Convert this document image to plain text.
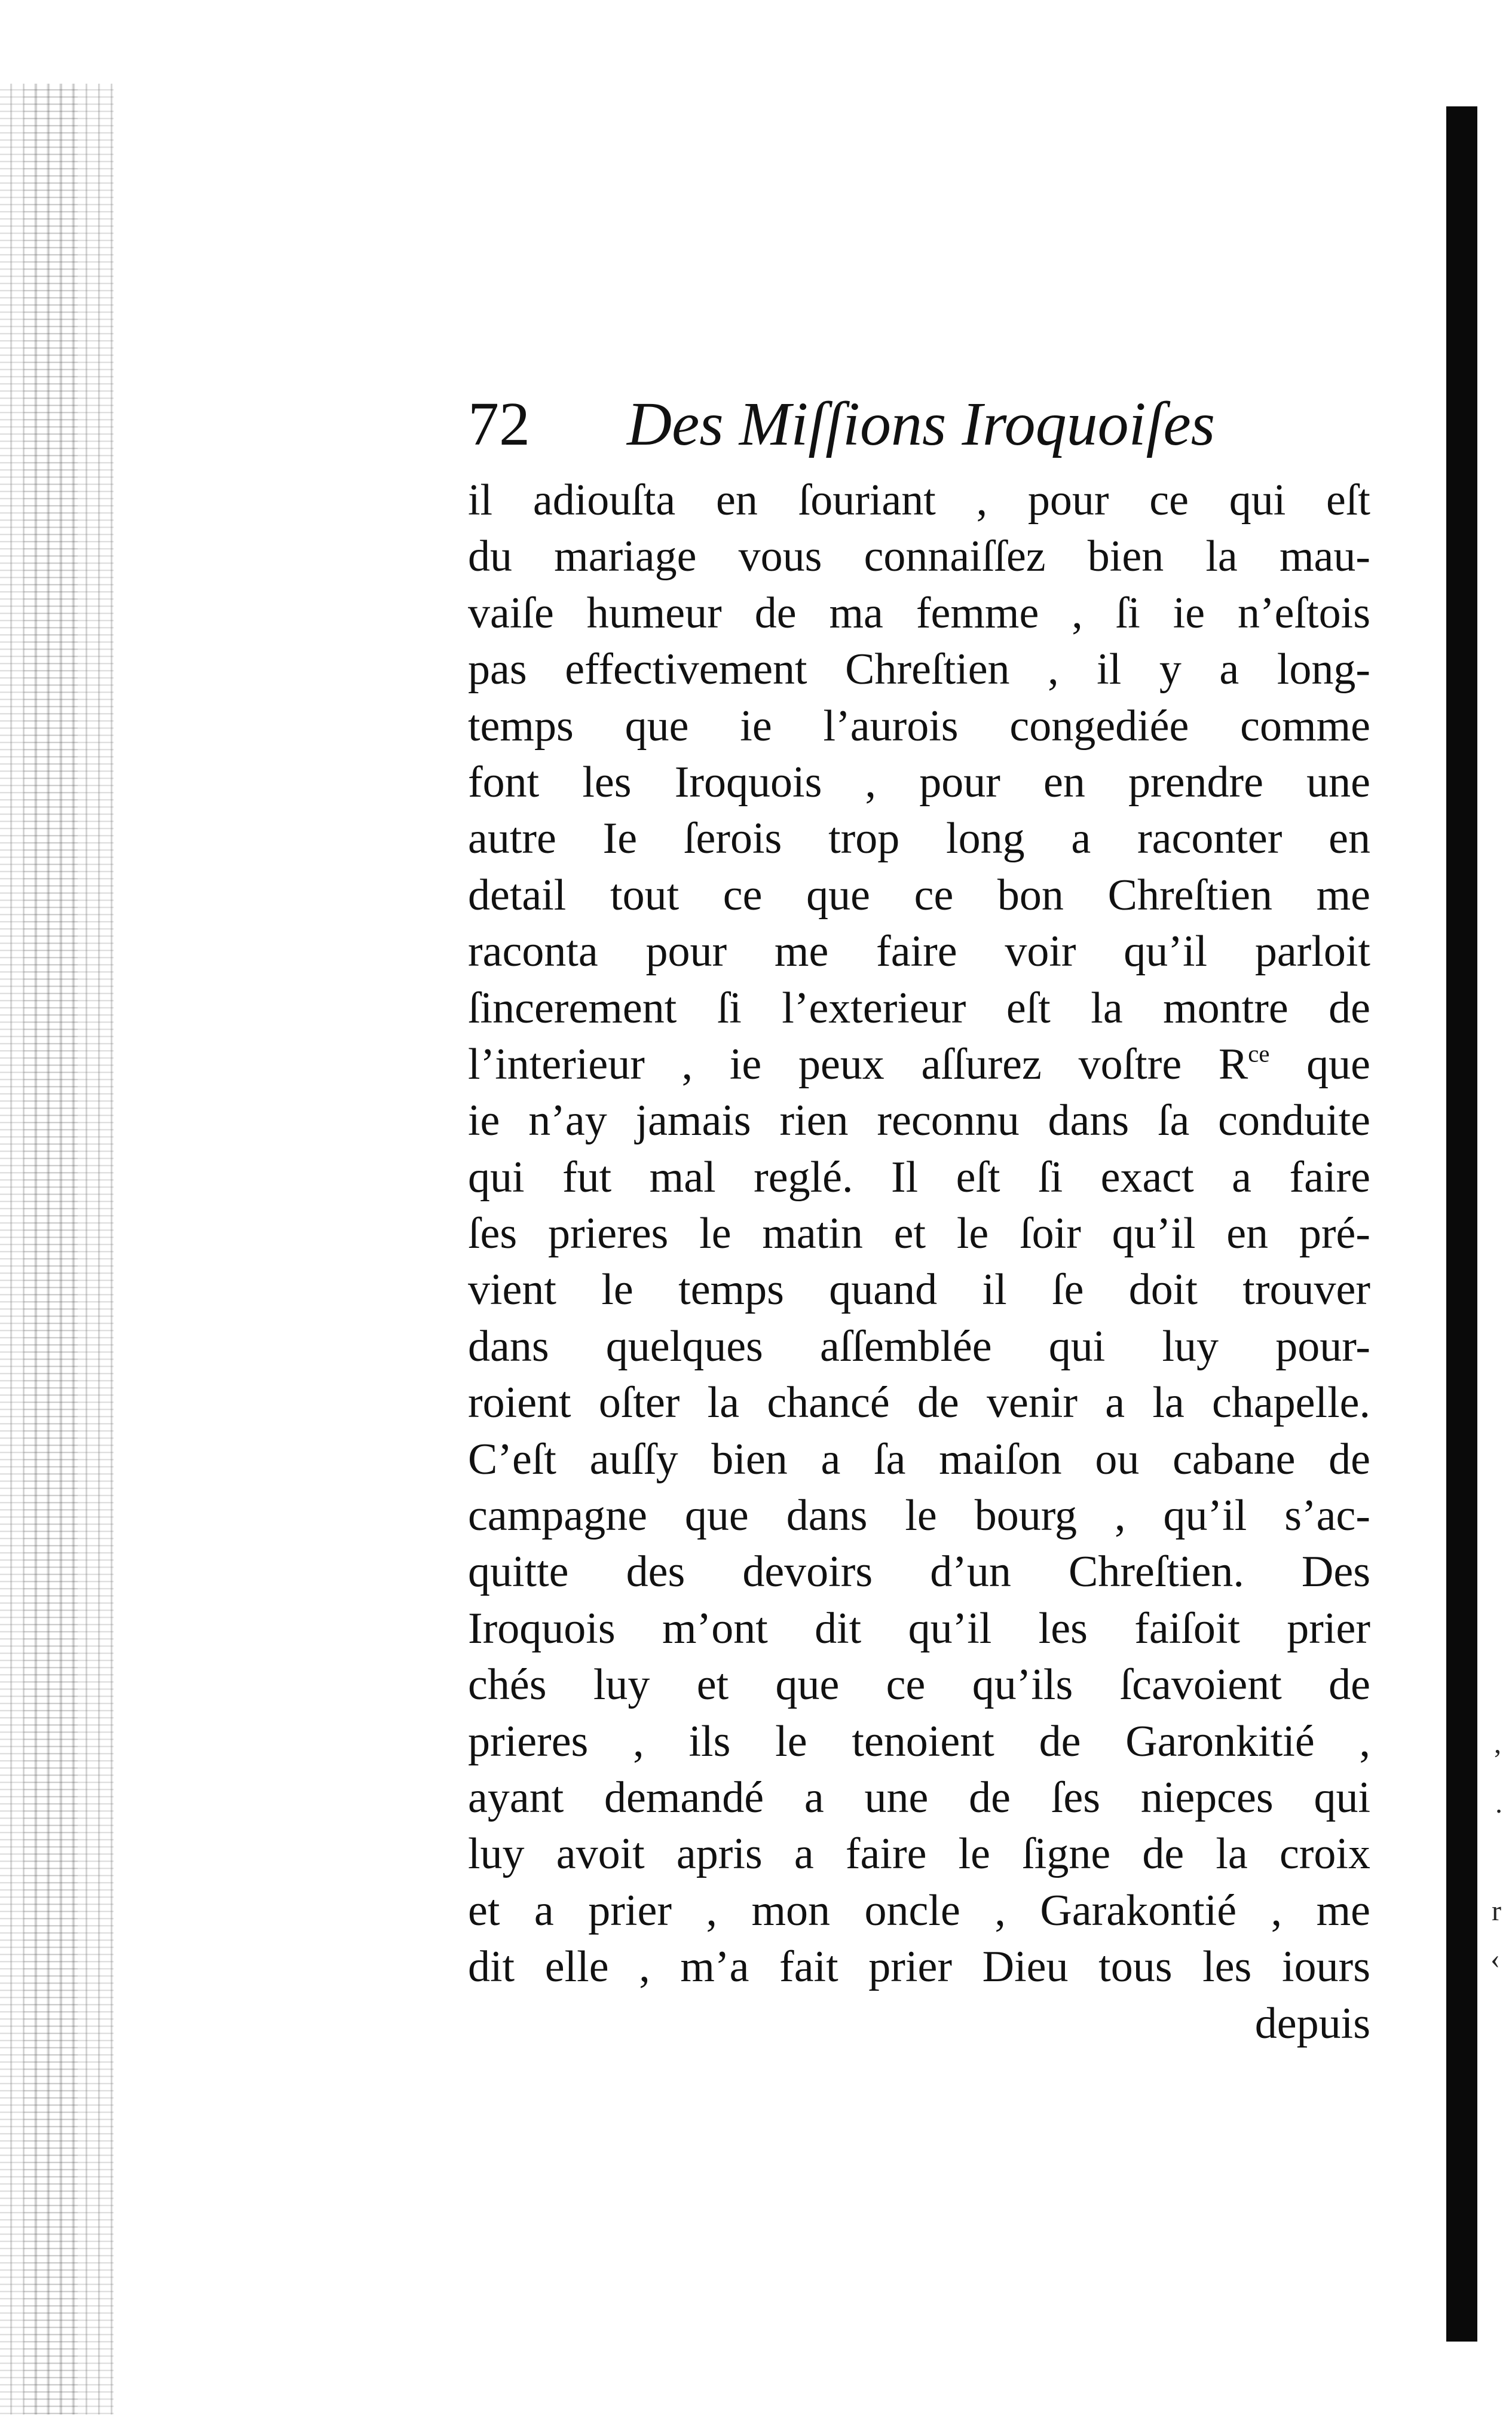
,
.
r
‹
72 Des Miſſions Iroquoiſes
il adiouſta en ſouriant , pour ce qui eſt
du mariage vous connaiſſez bien la mau-
vaiſe humeur de ma femme , ſi ie n’eſtois
pas effectivement Chreſtien , il y a long-
temps que ie l’aurois congediée comme
font les Iroquois , pour en prendre une
autre Ie ſerois trop long a raconter en
detail tout ce que ce bon Chreſtien me
raconta pour me faire voir qu’il parloit
ſincerement ſi l’exterieur eſt la montre de
l’interieur , ie peux aſſurez voſtre $R^{ce}$ que
ie n’ay jamais rien reconnu dans ſa conduite
qui fut mal reglé. Il eſt ſi exact a faire
ſes prieres le matin et le ſoir qu’il en pré-
vient le temps quand il ſe doit trouver
dans quelques aſſemblée qui luy pour-
roient oſter la chancé de venir a la chapelle.
C’eſt auſſy bien a ſa maiſon ou cabane de
campagne que dans le bourg , qu’il s’ac-
quitte des devoirs d’un Chreſtien. Des
Iroquois m’ont dit qu’il les faiſoit prier
chés luy et que ce qu’ils ſcavoient de
prieres , ils le tenoient de Garonkitié ,
ayant demandé a une de ſes niepces qui
luy avoit apris a faire le ſigne de la croix
et a prier , mon oncle , Garakontié , me
dit elle , m’a fait prier Dieu tous les iours
depuis
